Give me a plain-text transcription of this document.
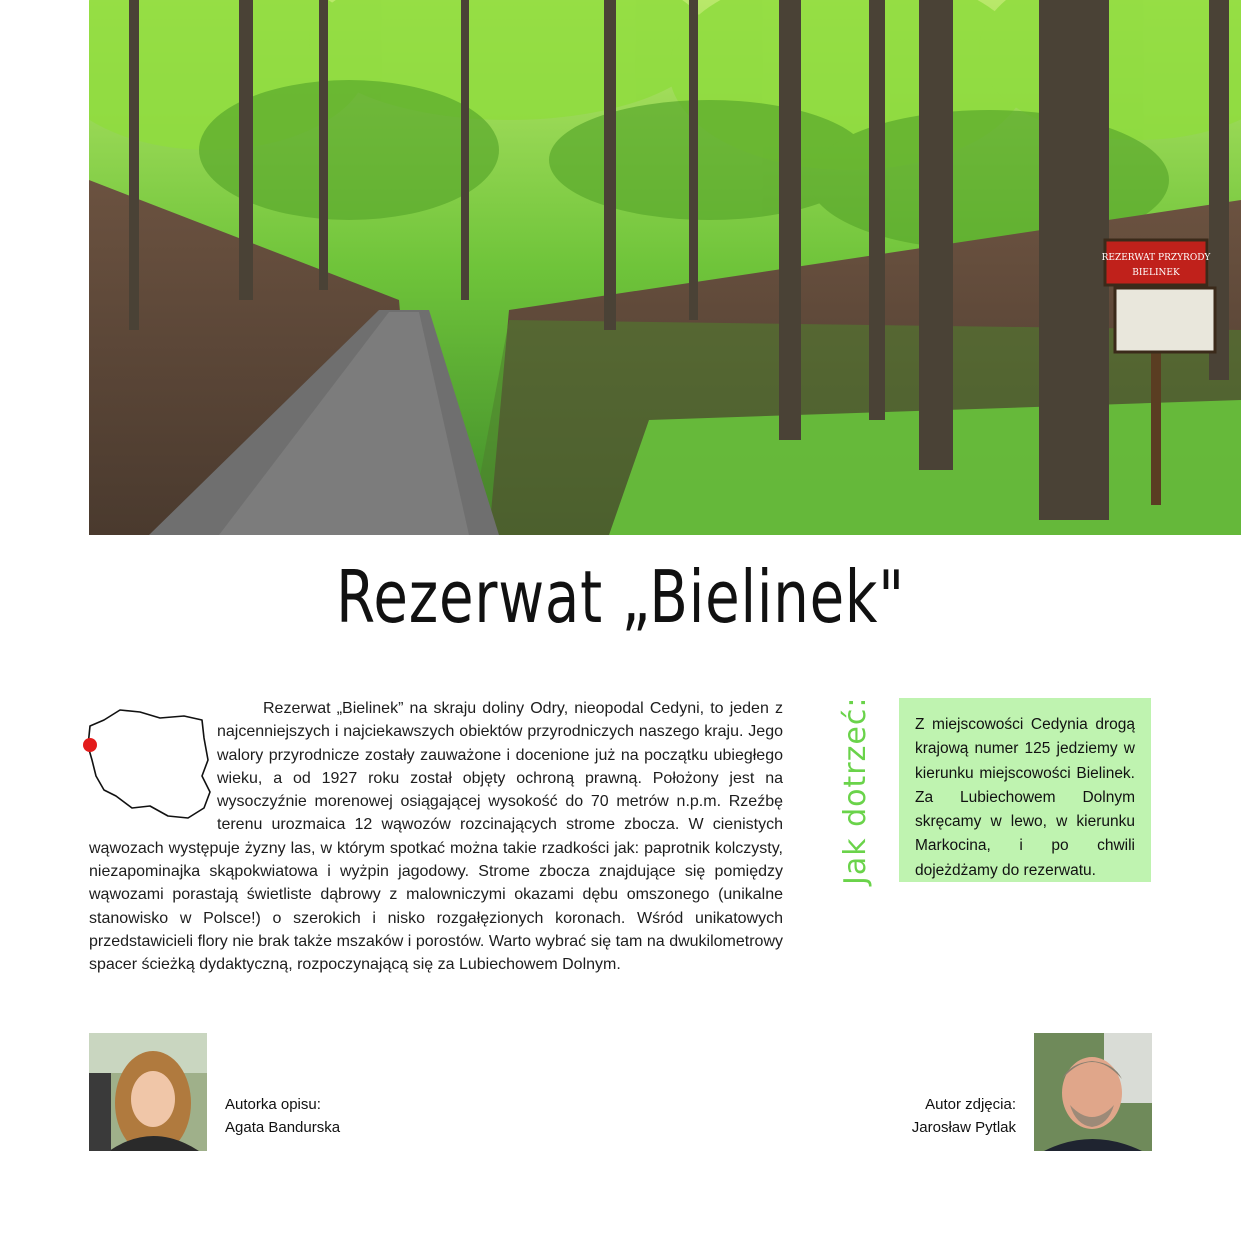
REZERWAT PRZYRODY
BIELINEK
Rezerwat „Bielinek"

Rezerwat „Bielinek” na skraju doliny Odry, nieopodal Cedyni, to jeden z najcenniejszych i najciekawszych obiektów przyrodniczych naszego kraju. Jego walory przyrodnicze zostały zauważone i docenione już na początku ubiegłego wieku, a od 1927 roku został objęty ochroną prawną. Położony jest na wysoczyźnie morenowej osiągającej wysokość do 70 metrów n.p.m. Rzeźbę terenu urozmaica 12 wąwozów rozcinających strome zbocza. W cienistych wąwozach występuje żyzny las, w którym spotkać można takie rzadkości jak: paprotnik kolczysty, niezapominajka skąpokwiatowa i wyżpin jagodowy. Strome zbocza znajdujące się pomiędzy wąwozami porastają świetliste dąbrowy z malowniczymi okazami dębu omszonego (unikalne stanowisko w Polsce!) o szerokich i nisko rozgałęzionych koronach. Wśród unikatowych przedstawicieli flory nie brak także mszaków i porostów. Warto wybrać się tam na dwukilometrowy spacer ścieżką dydaktyczną, rozpoczynającą się za Lubiechowem Dolnym.

Jak dotrzeć:	Z miejscowości Cedynia drogą krajową numer 125 jedziemy w kierunku miejscowości Bielinek. Za Lubiechowem Dolnym skręcamy w lewo, w kierunku Markocina, i po chwili dojeżdżamy do rezerwatu.

Autorka opisu:
Agata Bandurska
Autor zdjęcia:
Jarosław Pytlak
